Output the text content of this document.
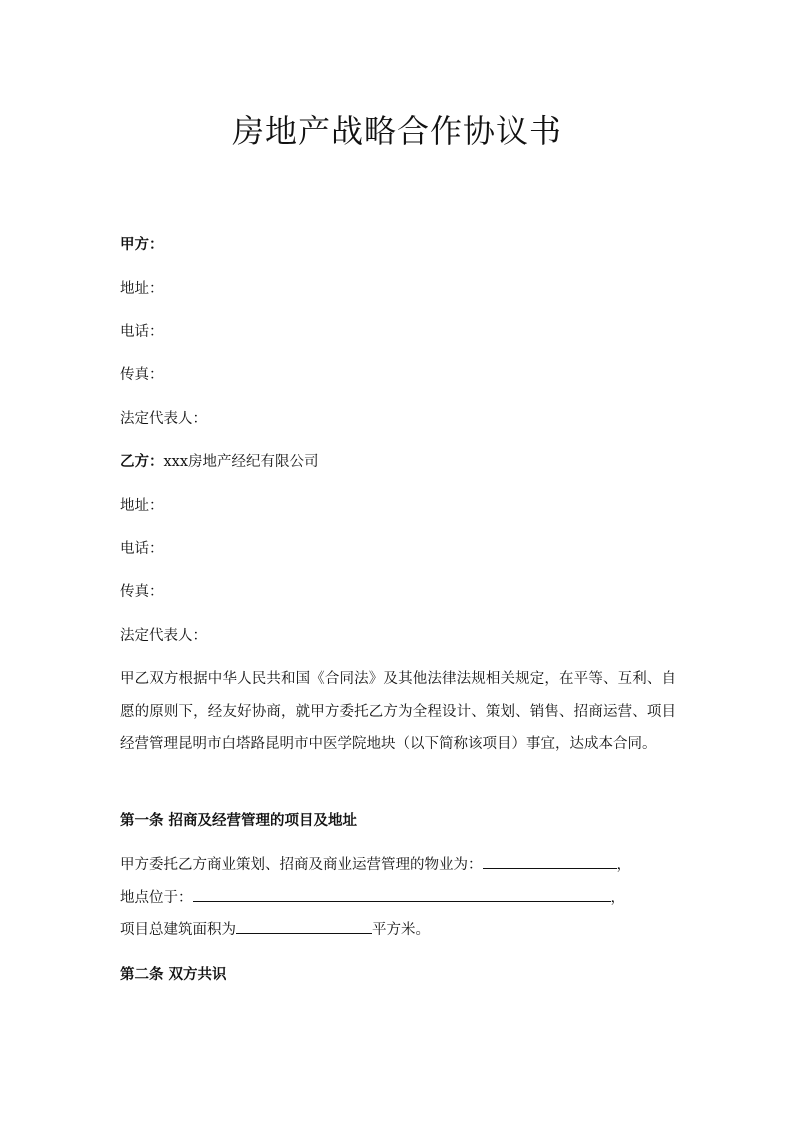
房地产战略合作协议书
甲方：
地址：
电话：
传真：
法定代表人：
乙方：xxx房地产经纪有限公司
地址：
电话：
传真：
法定代表人：
甲乙双方根据中华人民共和国《合同法》及其他法律法规相关规定，在平等、互利、自愿的原则下，经友好协商，就甲方委托乙方为全程设计、策划、销售、招商运营、项目经营管理昆明市白塔路昆明市中医学院地块（以下简称该项目）事宜，达成本合同。
第一条 招商及经营管理的项目及地址
甲方委托乙方商业策划、招商及商业运营管理的物业为：	，
地点位于：	，
项目总建筑面积为	平方米。
第二条 双方共识
